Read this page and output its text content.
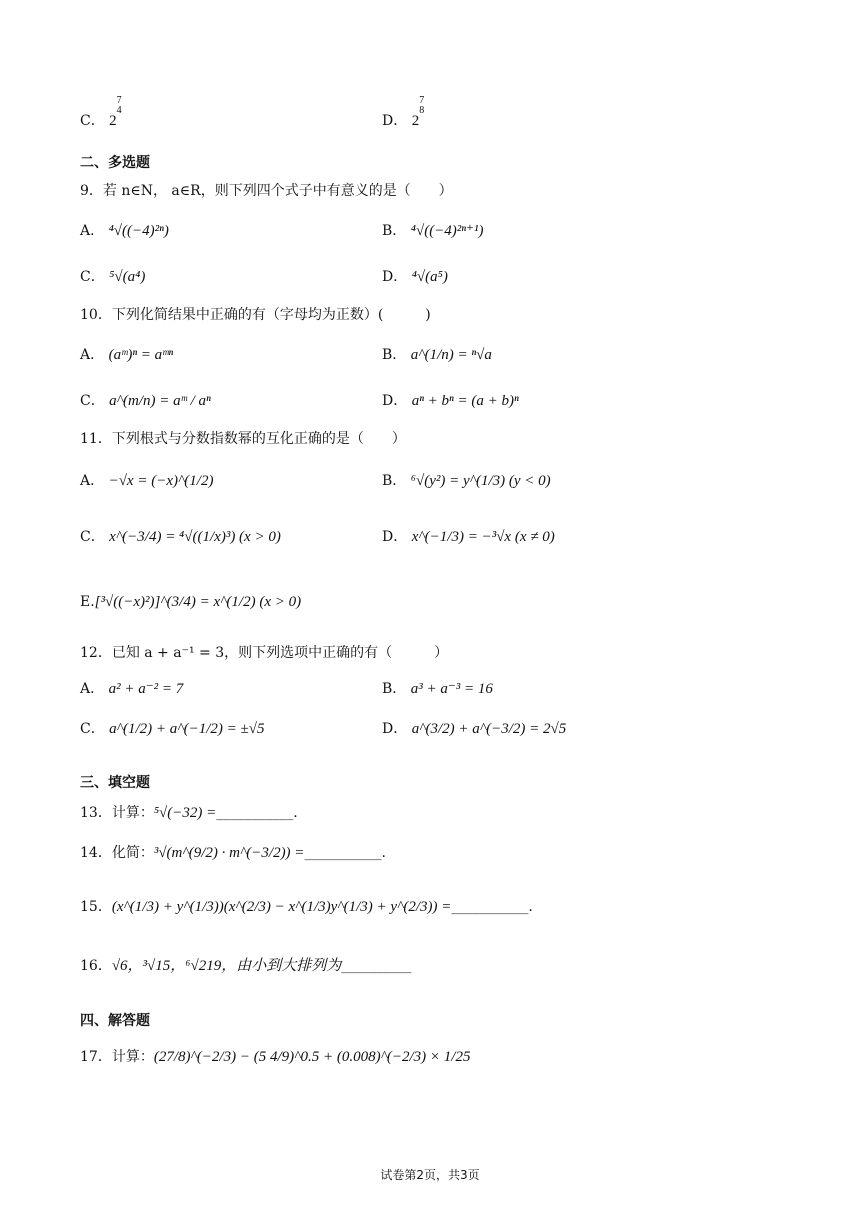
C． $2^{7 4}$
D． $2^{7 8}$
二、多选题
9．若 n∈N， a∈R，则下列四个式子中有意义的是（　　）
A． ⁴√((−4)²ⁿ)	B． ⁴√((−4)²ⁿ⁺¹)
C． ⁵√(a⁴)	D． ⁴√(a⁵)
10．下列化简结果中正确的有（字母均为正数）(　　　)
A． (aᵐ)ⁿ = aᵐⁿ	B． a^(1/n) = ⁿ√a
C． a^(m/n) = aᵐ / aⁿ	D． aⁿ + bⁿ = (a + b)ⁿ
11．下列根式与分数指数幂的互化正确的是（　　）
A． −√x = (−x)^(1/2)	B． ⁶√(y²) = y^(1/3) (y < 0)
C． x^(−3/4) = ⁴√((1/x)³) (x > 0)	D． x^(−1/3) = −³√x (x ≠ 0)
E.[³√((−x)²)]^(3/4) = x^(1/2) (x > 0)
12．已知 a + a⁻¹ = 3，则下列选项中正确的有（　　　）
A． a² + a⁻² = 7	B． a³ + a⁻³ = 16
C． a^(1/2) + a^(−1/2) = ±√5	D． a^(3/2) + a^(−3/2) = 2√5
三、填空题
13．计算：⁵√(−32) =___________.
14．化简：³√(m^(9/2) · m^(−3/2)) =___________.
15．(x^(1/3) + y^(1/3))(x^(2/3) − x^(1/3)y^(1/3) + y^(2/3)) =___________.
16．√6，³√15，⁶√219，由小到大排列为__________
四、解答题
17．计算：(27/8)^(−2/3) − (5 4/9)^0.5 + (0.008)^(−2/3) × 1/25
试卷第2页，共3页
